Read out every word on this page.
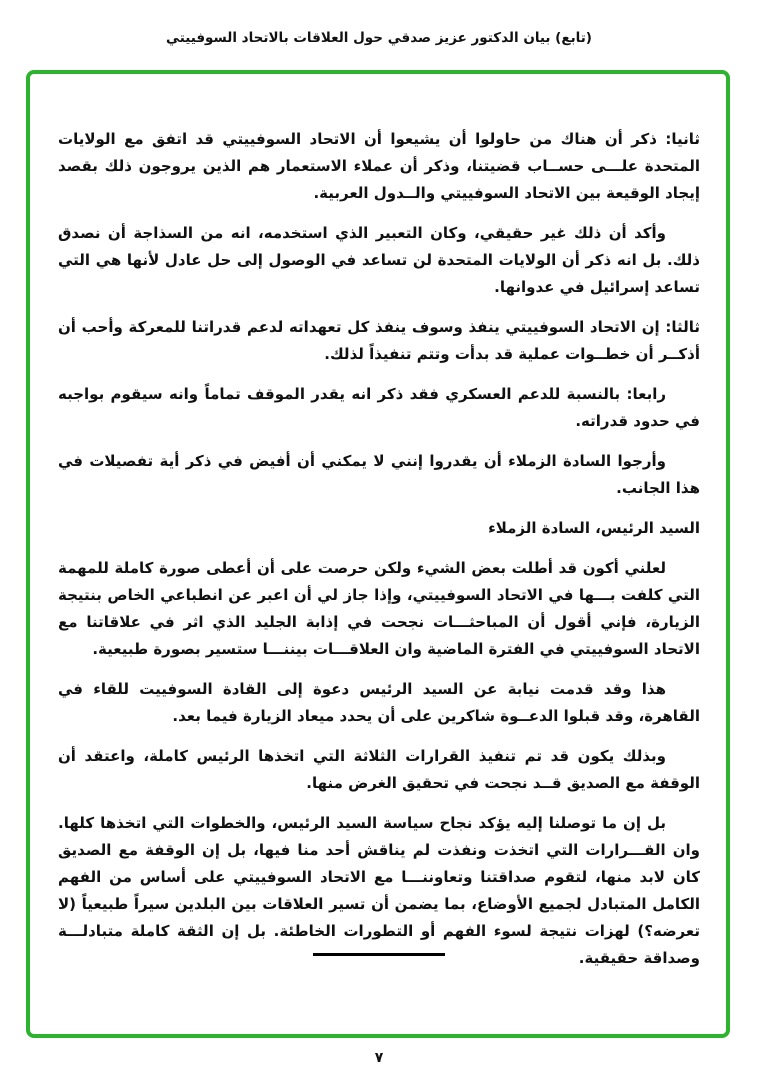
(تابع) بيان الدكتور عزيز صدقي حول العلاقات بالاتحاد السوفييتي

ثانيا: ذكر أن هناك من حاولوا أن يشيعوا أن الاتحاد السوفييتي قد اتفق مع الولايات المتحدة علـــى حســاب قضيتنا، وذكر أن عملاء الاستعمار هم الذين يروجون ذلك بقصد إيجاد الوقيعة بين الاتحاد السوفييتي والــدول العربية.

وأكد أن ذلك غير حقيقي، وكان التعبير الذي استخدمه، انه من السذاجة أن نصدق ذلك. بل انه ذكر أن الولايات المتحدة لن تساعد في الوصول إلى حل عادل لأنها هي التي تساعد إسرائيل في عدوانها.

ثالثا: إن الاتحاد السوفييتي ينفذ وسوف ينفذ كل تعهداته لدعم قدراتنا للمعركة وأحب أن أذكــر أن خطــوات عملية قد بدأت وتتم تنفيذاً لذلك.

رابعا: بالنسبة للدعم العسكري فقد ذكر انه يقدر الموقف تماماً وانه سيقوم بواجبه في حدود قدراته.

وأرجوا السادة الزملاء أن يقدروا إنني لا يمكني أن أفيض في ذكر أية تفصيلات في هذا الجانب.

السيد الرئيس، السادة الزملاء

لعلني أكون قد أطلت بعض الشيء ولكن حرصت على أن أعطى صورة كاملة للمهمة التي كلفت بـــها في الاتحاد السوفييتي، وإذا جاز لي أن اعبر عن انطباعي الخاص بنتيجة الزيارة، فإني أقول أن المباحثـــات نجحت في إذابة الجليد الذي اثر في علاقاتنا مع الاتحاد السوفييتي في الفترة الماضية وان العلاقـــات بيننـــا ستسير بصورة طبيعية.

هذا وقد قدمت نيابة عن السيد الرئيس دعوة إلى القادة السوفييت للقاء في القاهرة، وقد قبلوا الدعــوة شاكرين على أن يحدد ميعاد الزيارة فيما بعد.

وبذلك يكون قد تم تنفيذ القرارات الثلاثة التي اتخذها الرئيس كاملة، واعتقد أن الوقفة مع الصديق قــد نجحت في تحقيق الغرض منها.

بل إن ما توصلنا إليه يؤكد نجاح سياسة السيد الرئيس، والخطوات التي اتخذها كلها. وان القـــرارات التي اتخذت ونفذت لم يناقش أحد منا فيها، بل إن الوقفة مع الصديق كان لابد منها، لتقوم صداقتنا وتعاوننـــا مع الاتحاد السوفييتي على أساس من الفهم الكامل المتبادل لجميع الأوضاع، بما يضمن أن تسير العلاقات بين البلدين سيراً طبيعياً (لا تعرضه؟) لهزات نتيجة لسوء الفهم أو التطورات الخاطئة. بل إن الثقة كاملة متبادلـــة وصداقة حقيقية.

٧
